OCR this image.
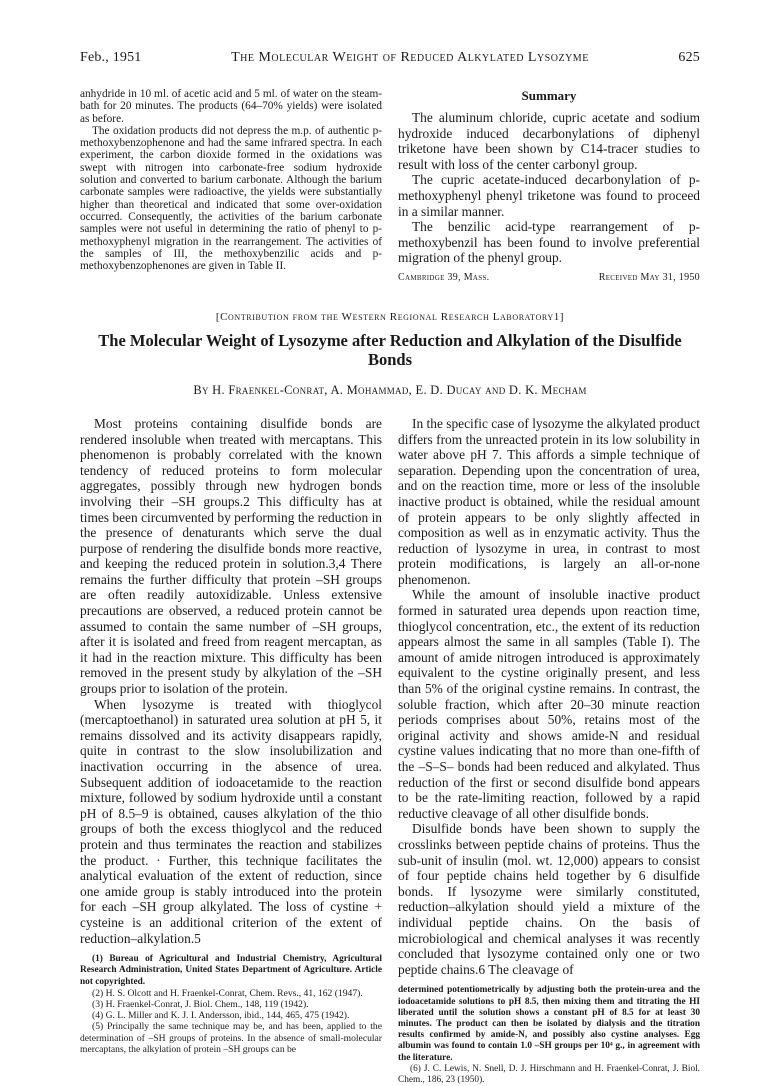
Feb., 1951	The Molecular Weight of Reduced Alkylated Lysozyme	625

anhydride in 10 ml. of acetic acid and 5 ml. of water on the steam-bath for 20 minutes. The products (64–70% yields) were isolated as before.

The oxidation products did not depress the m.p. of authentic p-methoxybenzophenone and had the same infrared spectra. In each experiment, the carbon dioxide formed in the oxidations was swept with nitrogen into carbonate-free sodium hydroxide solution and converted to barium carbonate. Although the barium carbonate samples were radioactive, the yields were substantially higher than theoretical and indicated that some over-oxidation occurred. Consequently, the activities of the barium carbonate samples were not useful in determining the ratio of phenyl to p-methoxyphenyl migration in the rearrangement. The activities of the samples of III, the methoxybenzilic acids and p-methoxybenzophenones are given in Table II.

Summary

The aluminum chloride, cupric acetate and sodium hydroxide induced decarbonylations of diphenyl triketone have been shown by C14-tracer studies to result with loss of the center carbonyl group.

The cupric acetate-induced decarbonylation of p-methoxyphenyl phenyl triketone was found to proceed in a similar manner.

The benzilic acid-type rearrangement of p-methoxybenzil has been found to involve preferential migration of the phenyl group.

Cambridge 39, Mass.	Received May 31, 1950
[Contribution from the Western Regional Research Laboratory1]
The Molecular Weight of Lysozyme after Reduction and Alkylation of the Disulfide Bonds
By H. Fraenkel-Conrat, A. Mohammad, E. D. Ducay and D. K. Mecham

Most proteins containing disulfide bonds are rendered insoluble when treated with mercaptans. This phenomenon is probably correlated with the known tendency of reduced proteins to form molecular aggregates, possibly through new hydrogen bonds involving their –SH groups.2 This difficulty has at times been circumvented by performing the reduction in the presence of denaturants which serve the dual purpose of rendering the disulfide bonds more reactive, and keeping the reduced protein in solution.3,4 There remains the further difficulty that protein –SH groups are often readily autoxidizable. Unless extensive precautions are observed, a reduced protein cannot be assumed to contain the same number of –SH groups, after it is isolated and freed from reagent mercaptan, as it had in the reaction mixture. This difficulty has been removed in the present study by alkylation of the –SH groups prior to isolation of the protein.

When lysozyme is treated with thioglycol (mercaptoethanol) in saturated urea solution at pH 5, it remains dissolved and its activity disappears rapidly, quite in contrast to the slow insolubilization and inactivation occurring in the absence of urea. Subsequent addition of iodoacetamide to the reaction mixture, followed by sodium hydroxide until a constant pH of 8.5–9 is obtained, causes alkylation of the thio groups of both the excess thioglycol and the reduced protein and thus terminates the reaction and stabilizes the product. · Further, this technique facilitates the analytical evaluation of the extent of reduction, since one amide group is stably introduced into the protein for each –SH group alkylated. The loss of cystine + cysteine is an additional criterion of the extent of reduction–alkylation.5

(1) Bureau of Agricultural and Industrial Chemistry, Agricultural Research Administration, United States Department of Agriculture. Article not copyrighted.

(2) H. S. Olcott and H. Fraenkel-Conrat, Chem. Revs., 41, 162 (1947).

(3) H. Fraenkel-Conrat, J. Biol. Chem., 148, 119 (1942).

(4) G. L. Miller and K. J. I. Andersson, ibid., 144, 465, 475 (1942).

(5) Principally the same technique may be, and has been, applied to the determination of –SH groups of proteins. In the absence of small-molecular mercaptans, the alkylation of protein –SH groups can be

In the specific case of lysozyme the alkylated product differs from the unreacted protein in its low solubility in water above pH 7. This affords a simple technique of separation. Depending upon the concentration of urea, and on the reaction time, more or less of the insoluble inactive product is obtained, while the residual amount of protein appears to be only slightly affected in composition as well as in enzymatic activity. Thus the reduction of lysozyme in urea, in contrast to most protein modifications, is largely an all-or-none phenomenon.

While the amount of insoluble inactive product formed in saturated urea depends upon reaction time, thioglycol concentration, etc., the extent of its reduction appears almost the same in all samples (Table I). The amount of amide nitrogen introduced is approximately equivalent to the cystine originally present, and less than 5% of the original cystine remains. In contrast, the soluble fraction, which after 20–30 minute reaction periods comprises about 50%, retains most of the original activity and shows amide-N and residual cystine values indicating that no more than one-fifth of the –S–S– bonds had been reduced and alkylated. Thus reduction of the first or second disulfide bond appears to be the rate-limiting reaction, followed by a rapid reductive cleavage of all other disulfide bonds.

Disulfide bonds have been shown to supply the crosslinks between peptide chains of proteins. Thus the sub-unit of insulin (mol. wt. 12,000) appears to consist of four peptide chains held together by 6 disulfide bonds. If lysozyme were similarly constituted, reduction–alkylation should yield a mixture of the individual peptide chains. On the basis of microbiological and chemical analyses it was recently concluded that lysozyme contained only one or two peptide chains.6 The cleavage of

determined potentiometrically by adjusting both the protein-urea and the iodoacetamide solutions to pH 8.5, then mixing them and titrating the HI liberated until the solution shows a constant pH of 8.5 for at least 30 minutes. The product can then be isolated by dialysis and the titration results confirmed by amide-N, and possibly also cystine analyses. Egg albumin was found to contain 1.0 –SH groups per 10⁴ g., in agreement with the literature.

(6) J. C. Lewis, N. Snell, D. J. Hirschmann and H. Fraenkel-Conrat, J. Biol. Chem., 186, 23 (1950).
